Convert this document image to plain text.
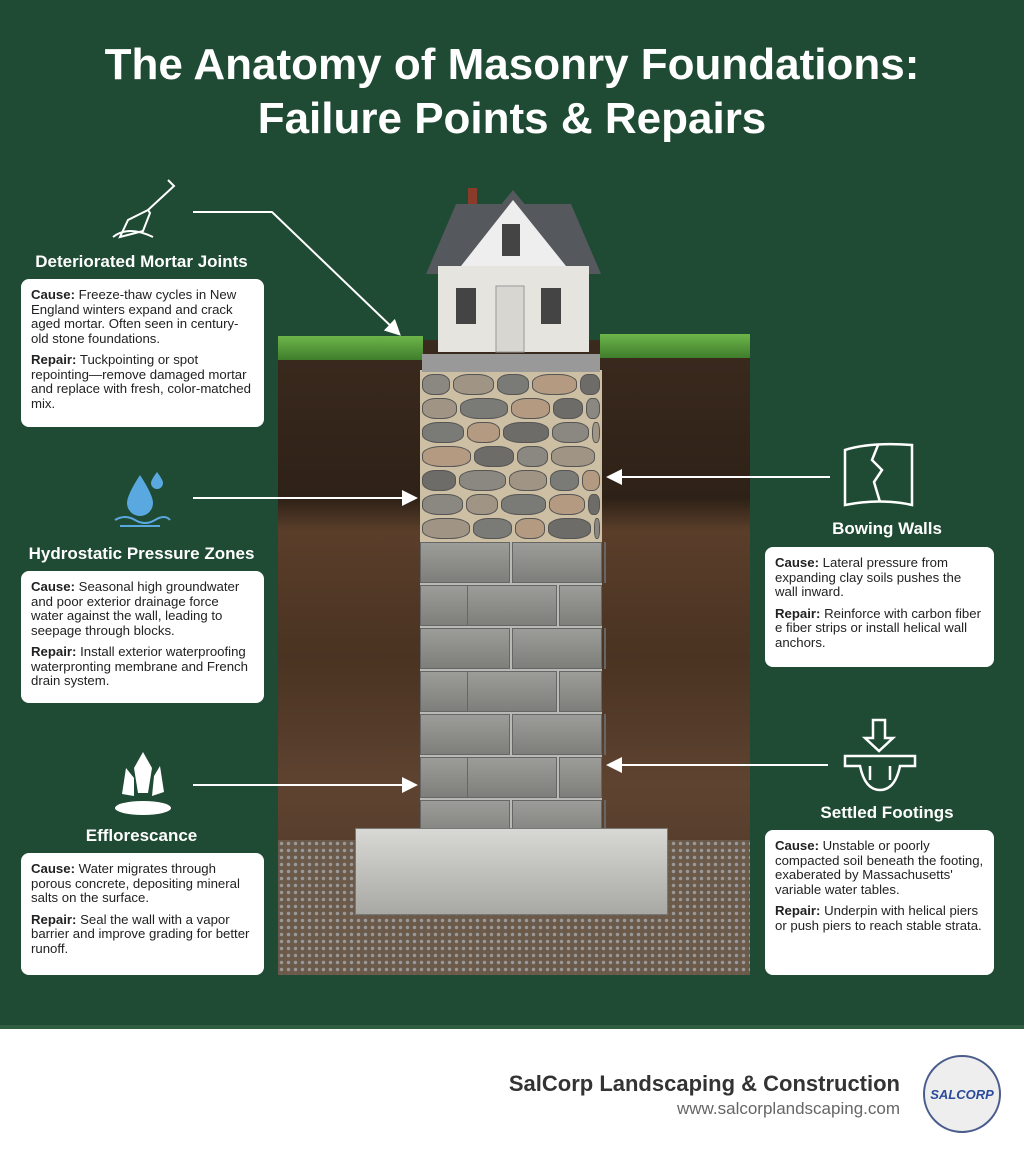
The Anatomy of Masonry Foundations:
Failure Points & Repairs
Deteriorated Mortar Joints
Hydrostatic Pressure Zones
Efflorescance
Bowing Walls
Settled Footings

Cause: Freeze-thaw cycles in New England winters expand and crack aged mortar. Often seen in century-old stone foundations.

Repair: Tuckpointing or spot repointing—remove damaged mortar and replace with fresh, color-matched mix.

Cause: Seasonal high groundwater and poor exterior drainage force water against the wall, leading to seepage through blocks.

Repair: Install exterior waterproofing waterpronting membrane and French drain system.

Cause: Water migrates through porous concrete, depositing mineral salts on the surface.

Repair: Seal the wall with a vapor barrier and improve grading for better runoff.

Cause: Lateral pressure from expanding clay soils pushes the wall inward.

Repair: Reinforce with carbon fiber e fiber strips or install helical wall anchors.

Cause: Unstable or poorly compacted soil beneath the footing, exaberated by Massachusetts' variable water tables.

Repair: Underpin with helical piers or push piers to reach stable strata.

SalCorp Landscaping & Construction
www.salcorplandscaping.com
SALCORP
